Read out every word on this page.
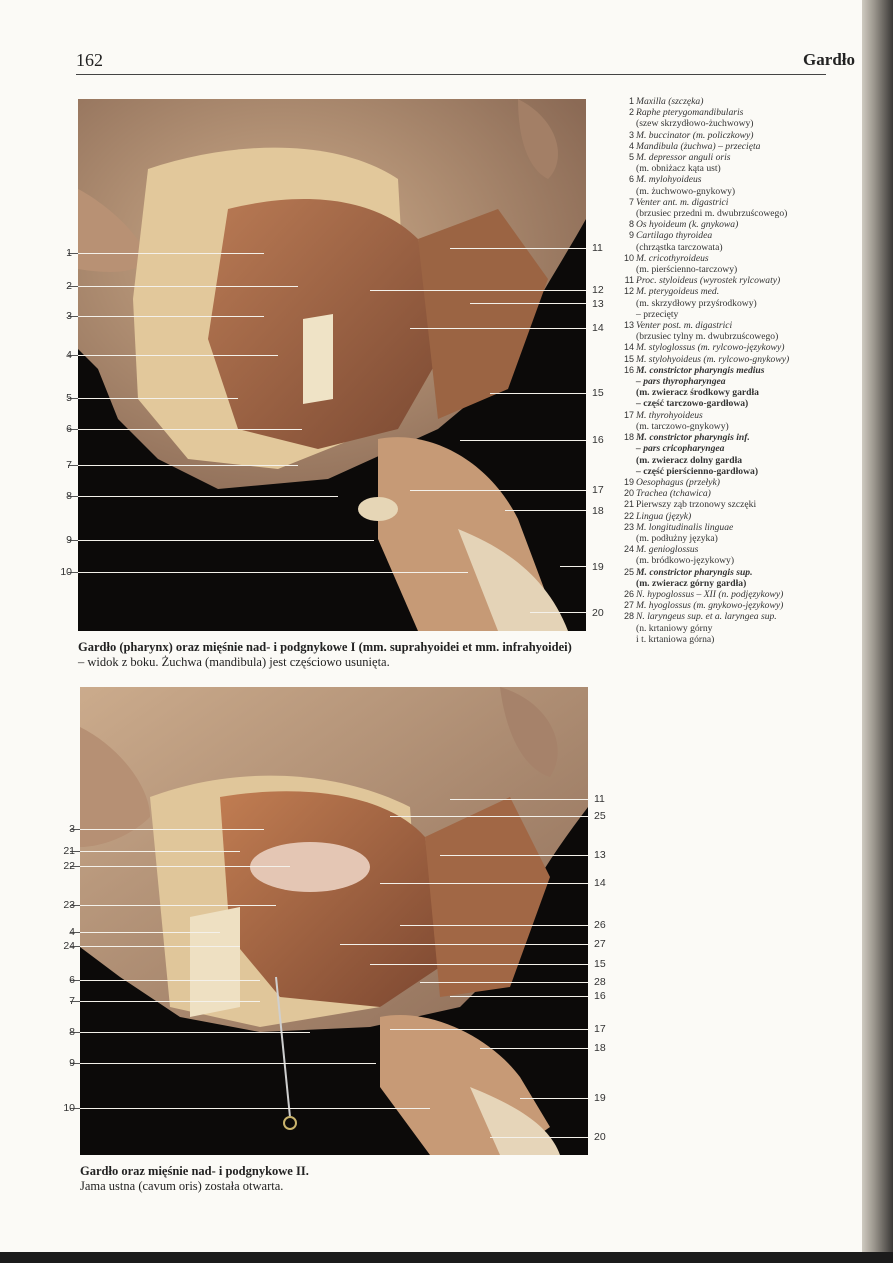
162	Gardło
1
2
3
4
5
6
7
8
9
10
11
12
13
14
15
16
17
18
19
20
Gardło (pharynx) oraz mięśnie nad- i podgnykowe I (mm. suprahyoidei et mm. infrahyoidei)
– widok z boku. Żuchwa (mandibula) jest częściowo usunięta.
3
21
22
23
4
24
6
7
8
9
10
11
25
13
14
26
27
15
28
16
17
18
19
20
Gardło oraz mięśnie nad- i podgnykowe II.
Jama ustna (cavum oris) została otwarta.
1 Maxilla (szczęka)
2 Raphe pterygomandibularis
(szew skrzydłowo-żuchwowy)
3 M. buccinator (m. policzkowy)
4 Mandibula (żuchwa) – przecięta
5 M. depressor anguli oris
(m. obniżacz kąta ust)
6 M. mylohyoideus
(m. żuchwowo-gnykowy)
7 Venter ant. m. digastrici
(brzusiec przedni m. dwubrzuścowego)
8 Os hyoideum (k. gnykowa)
9 Cartilago thyroidea
(chrząstka tarczowata)
10 M. cricothyroideus
(m. pierścienno-tarczowy)
11 Proc. styloideus (wyrostek rylcowaty)
12 M. pterygoideus med.
(m. skrzydłowy przyśrodkowy)
– przecięty
13 Venter post. m. digastrici
(brzusiec tylny m. dwubrzuścowego)
14 M. styloglossus (m. rylcowo-językowy)
15 M. stylohyoideus (m. rylcowo-gnykowy)
16 M. constrictor pharyngis medius
– pars thyropharyngea
(m. zwieracz środkowy gardła
– część tarczowo-gardłowa)
17 M. thyrohyoideus
(m. tarczowo-gnykowy)
18 M. constrictor pharyngis inf.
– pars cricopharyngea
(m. zwieracz dolny gardła
– część pierścienno-gardłowa)
19 Oesophagus (przełyk)
20 Trachea (tchawica)
21 Pierwszy ząb trzonowy szczęki
22 Lingua (język)
23 M. longitudinalis linguae
(m. podłużny języka)
24 M. genioglossus
(m. bródkowo-językowy)
25 M. constrictor pharyngis sup.
(m. zwieracz górny gardła)
26 N. hypoglossus – XII (n. podjęzykowy)
27 M. hyoglossus (m. gnykowo-językowy)
28 N. laryngeus sup. et a. laryngea sup.
(n. krtaniowy górny
i t. krtaniowa górna)
